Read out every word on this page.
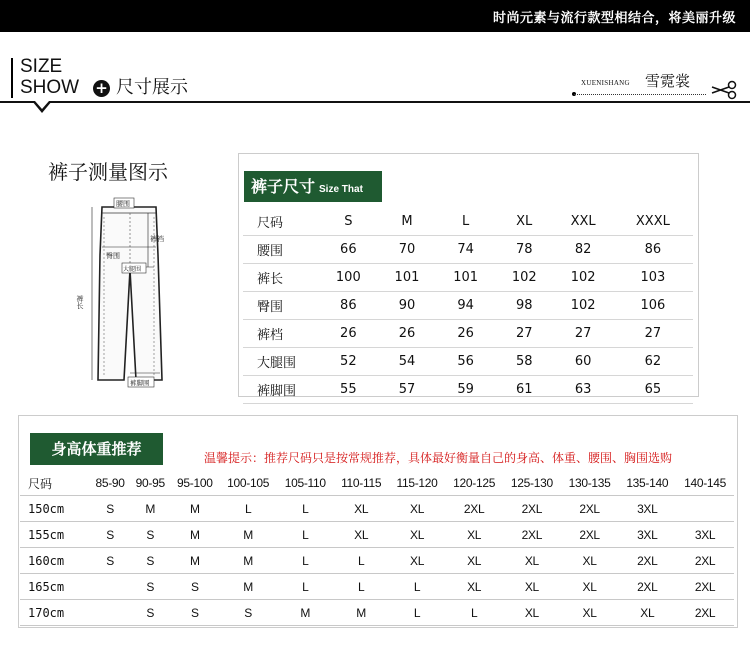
时尚元素与流行款型相结合，将美丽升级
SIZE
SHOW + 尺寸展示	XUENISHANG 雪霓裳
裤子测量图示
腰围
裤裆
臀围
大腿围
裤长
裤脚围
裤子尺寸 Size That
尺码	S	M	L	XL	XXL	XXXL
腰围	66	70	74	78	82	86
裤长	100	101	101	102	102	103
臀围	86	90	94	98	102	106
裤档	26	26	26	27	27	27
大腿围	52	54	56	58	60	62
裤脚围	55	57	59	61	63	65
身高体重推荐	温馨提示：推荐尺码只是按常规推荐，具体最好衡量自己的身高、体重、腰围、胸围选购
尺码	85-90	90-95	95-100	100-105	105-110	110-115	115-120	120-125	125-130	130-135	135-140	140-145
150cm	S	M	M	L	L	XL	XL	2XL	2XL	2XL	3XL	
155cm	S	S	M	M	L	XL	XL	XL	2XL	2XL	3XL	3XL
160cm	S	S	M	M	L	L	XL	XL	XL	XL	2XL	2XL
165cm		S	S	M	L	L	L	XL	XL	XL	2XL	2XL
170cm		S	S	S	M	M	L	L	XL	XL	XL	2XL
